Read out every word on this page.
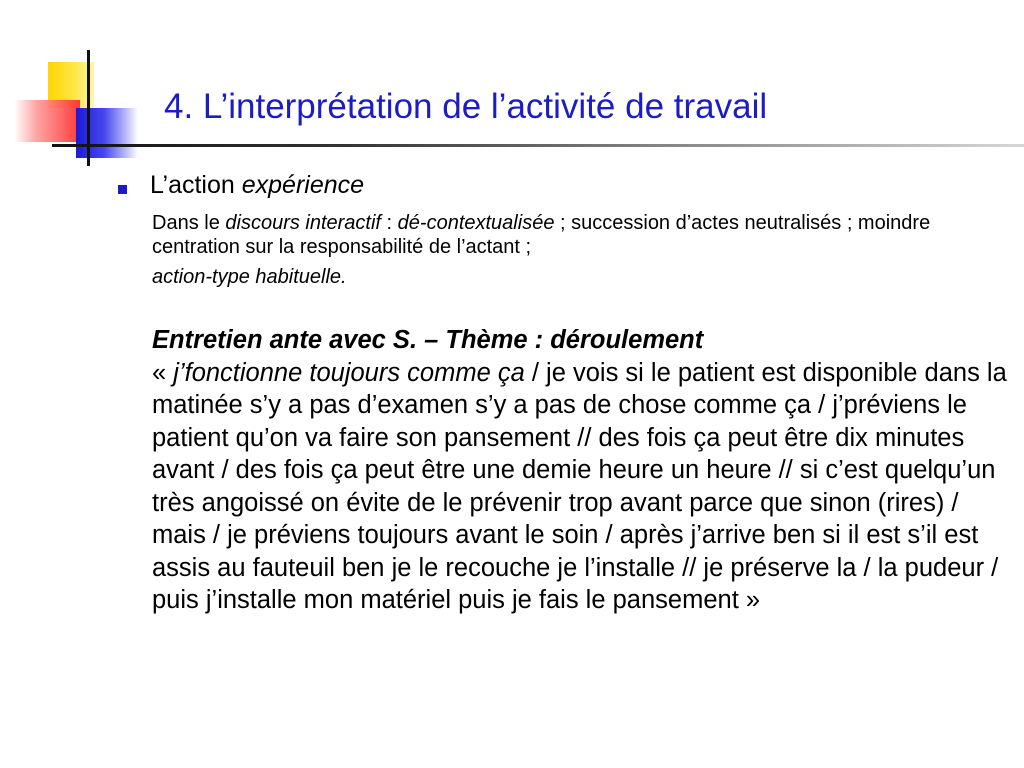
4. L’interprétation de l’activité de travail
L’action expérience
Dans le discours interactif : dé-contextualisée ; succession d’actes neutralisés ; moindre centration sur la responsabilité de l’actant ;
action-type habituelle.
Entretien ante avec S. – Thème : déroulement
« j’fonctionne toujours comme ça / je vois si le patient est disponible dans la matinée s’y a pas d’examen s’y a pas de chose comme ça / j’préviens le patient qu’on va faire son pansement // des fois ça peut être dix minutes avant / des fois ça peut être une demie heure un heure // si c’est quelqu’un très angoissé on évite de le prévenir trop avant parce que sinon (rires) / mais / je préviens toujours avant le soin / après j’arrive ben si il est s’il est assis au fauteuil ben je le recouche je l’installe // je préserve la / la pudeur / puis j’installe mon matériel puis je fais le pansement »
